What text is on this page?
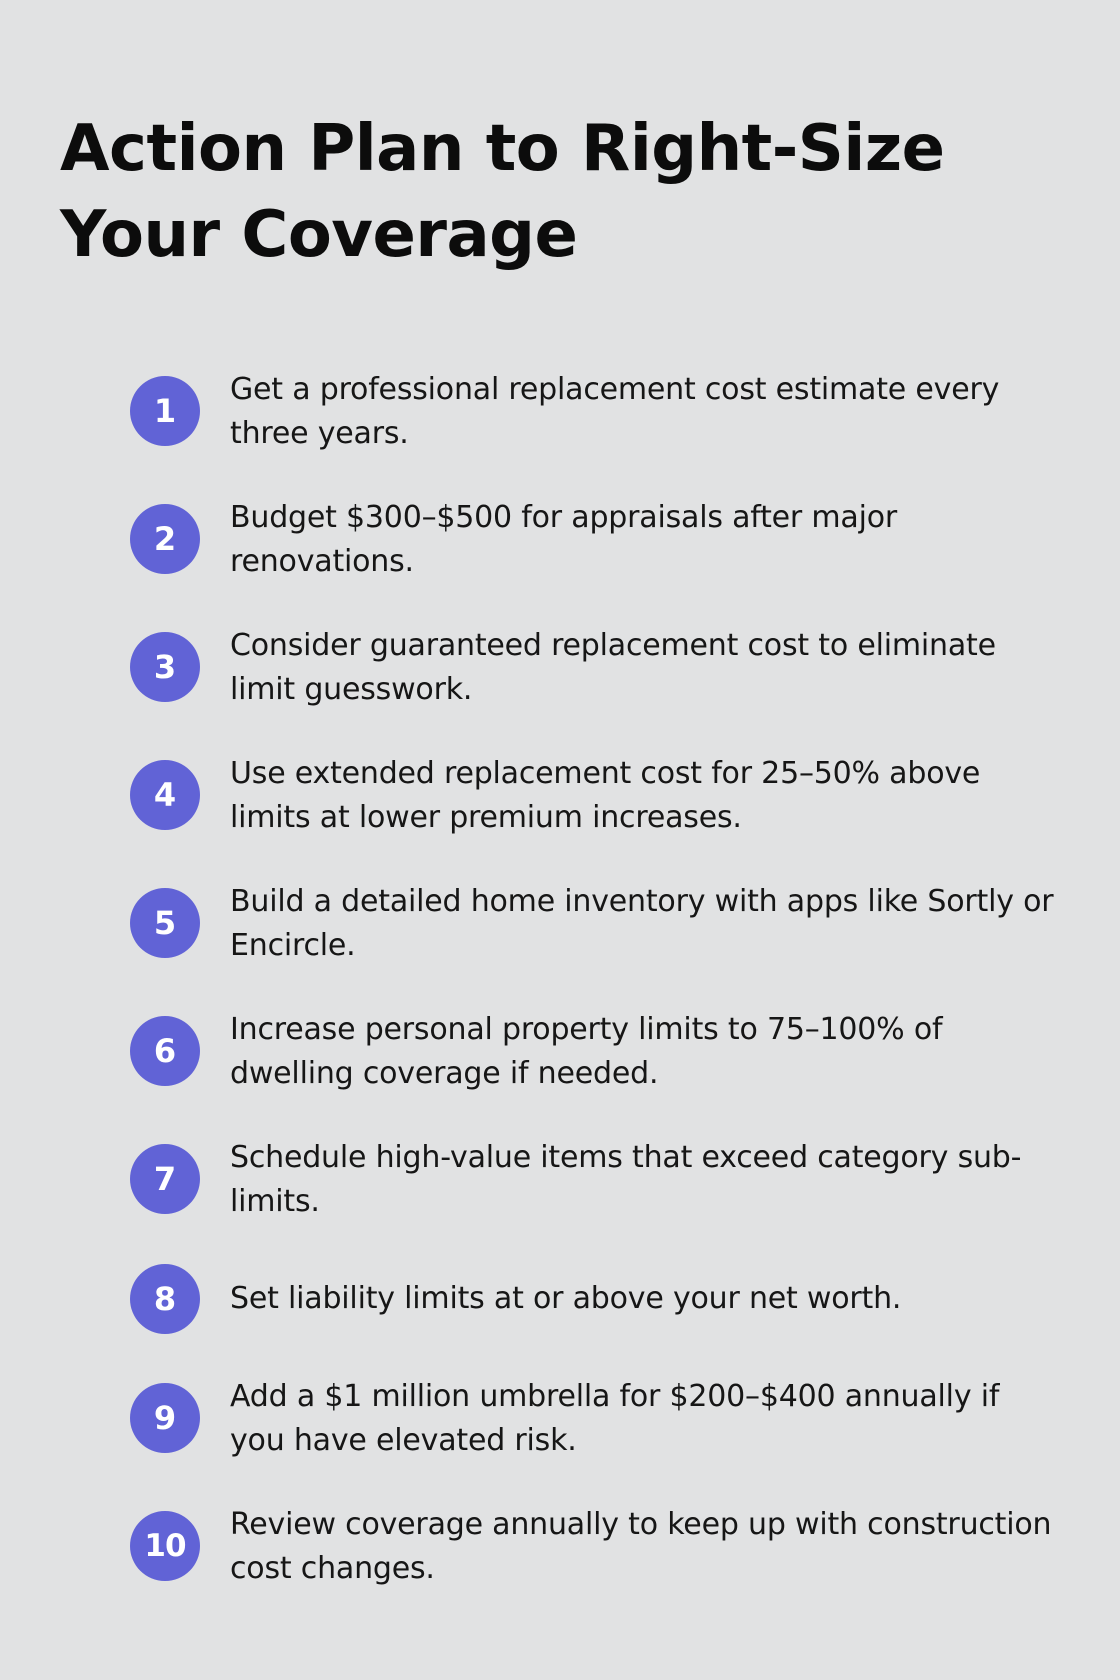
Action Plan to Right-Size Your Coverage
1
Get a professional replacement cost estimate every three years.
2
Budget $300–$500 for appraisals after major renovations.
3
Consider guaranteed replacement cost to eliminate limit guesswork.
4
Use extended replacement cost for 25–50% above limits at lower premium increases.
5
Build a detailed home inventory with apps like Sortly or Encircle.
6
Increase personal property limits to 75–100% of dwelling coverage if needed.
7
Schedule high-value items that exceed category sub-limits.
8	Set liability limits at or above your net worth.
9
Add a $1 million umbrella for $200–$400 annually if you have elevated risk.
10
Review coverage annually to keep up with construction cost changes.
